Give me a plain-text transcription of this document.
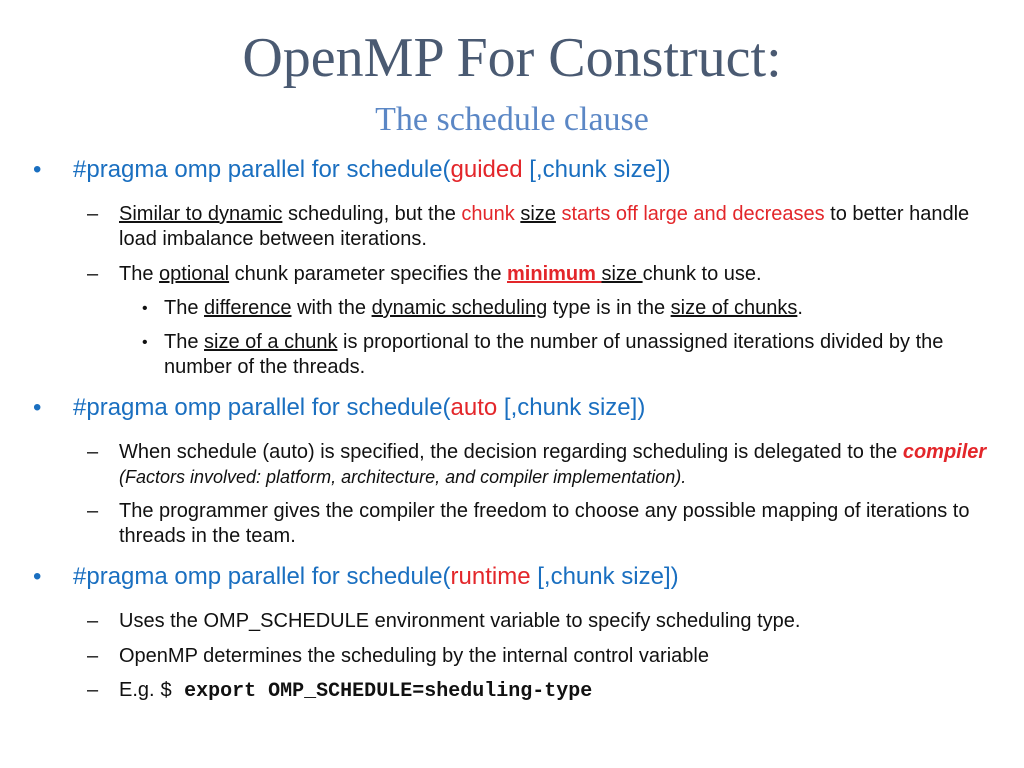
OpenMP For Construct:
The schedule clause
• #pragma omp parallel for schedule(guided [,chunk size])
– Similar to dynamic scheduling, but the chunk size starts off large and decreases to better handle load imbalance between iterations.
– The optional chunk parameter specifies the minimum size chunk to use.
• The difference with the dynamic scheduling type is in the size of chunks.
• The size of a chunk is proportional to the number of unassigned iterations divided by the number of the threads.
• #pragma omp parallel for schedule(auto [,chunk size])
– When schedule (auto) is specified, the decision regarding scheduling is delegated to the compiler (Factors involved: platform, architecture, and compiler implementation).
– The programmer gives the compiler the freedom to choose any possible mapping of iterations to threads in the team.
• #pragma omp parallel for schedule(runtime [,chunk size])
– Uses the OMP_SCHEDULE environment variable to specify scheduling type.
– OpenMP determines the scheduling by the internal control variable
– E.g. $ export OMP_SCHEDULE=sheduling-type
